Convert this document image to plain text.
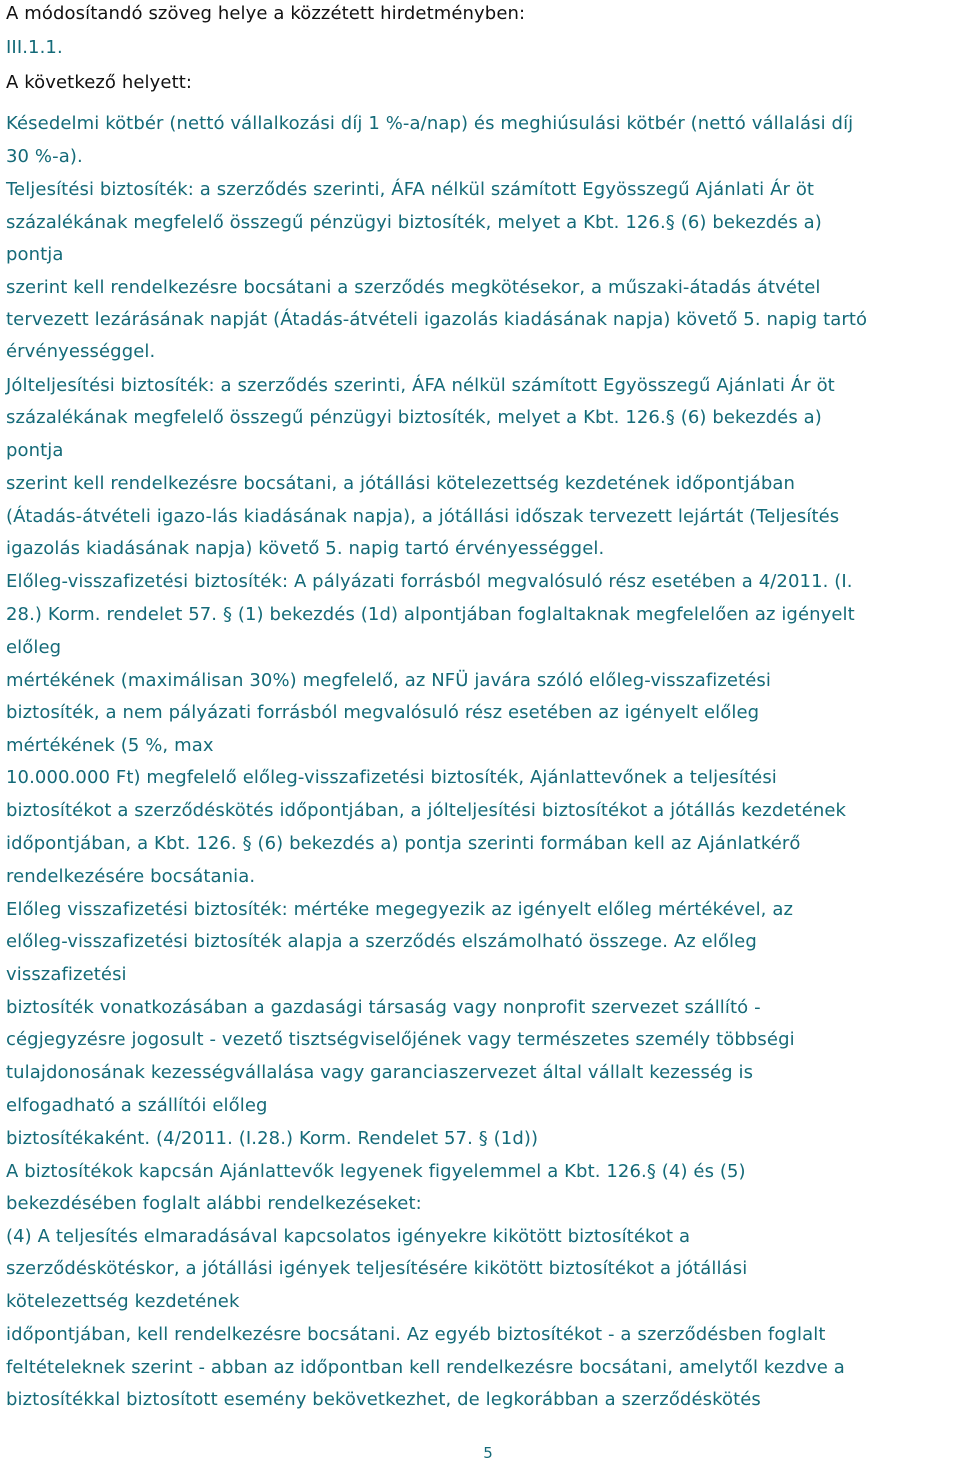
A módosítandó szöveg helye a közzétett hirdetményben:
III.1.1.
A következő helyett:
Késedelmi kötbér (nettó vállalkozási díj 1 %-a/nap) és meghiúsulási kötbér (nettó vállalási díj
30 %-a).
Teljesítési biztosíték: a szerződés szerinti, ÁFA nélkül számított Egyösszegű Ajánlati Ár öt
százalékának megfelelő összegű pénzügyi biztosíték, melyet a Kbt. 126.§ (6) bekezdés a)
pontja
szerint kell rendelkezésre bocsátani a szerződés megkötésekor, a műszaki-átadás átvétel
tervezett lezárásának napját (Átadás-átvételi igazolás kiadásának napja) követő 5. napig tartó
érvényességgel.
Jólteljesítési biztosíték: a szerződés szerinti, ÁFA nélkül számított Egyösszegű Ajánlati Ár öt
százalékának megfelelő összegű pénzügyi biztosíték, melyet a Kbt. 126.§ (6) bekezdés a)
pontja
szerint kell rendelkezésre bocsátani, a jótállási kötelezettség kezdetének időpontjában
(Átadás-átvételi igazo-lás kiadásának napja), a jótállási időszak tervezett lejártát (Teljesítés
igazolás kiadásának napja) követő 5. napig tartó érvényességgel.
Előleg-visszafizetési biztosíték: A pályázati forrásból megvalósuló rész esetében a 4/2011. (I.
28.) Korm. rendelet 57. § (1) bekezdés (1d) alpontjában foglaltaknak megfelelően az igényelt
előleg
mértékének (maximálisan 30%) megfelelő, az NFÜ javára szóló előleg-visszafizetési
biztosíték, a nem pályázati forrásból megvalósuló rész esetében az igényelt előleg
mértékének (5 %, max
10.000.000 Ft) megfelelő előleg-visszafizetési biztosíték, Ajánlattevőnek a teljesítési
biztosítékot a szerződéskötés időpontjában, a jólteljesítési biztosítékot a jótállás kezdetének
időpontjában, a Kbt. 126. § (6) bekezdés a) pontja szerinti formában kell az Ajánlatkérő
rendelkezésére bocsátania.
Előleg visszafizetési biztosíték: mértéke megegyezik az igényelt előleg mértékével, az
előleg-visszafizetési biztosíték alapja a szerződés elszámolható összege. Az előleg
visszafizetési
biztosíték vonatkozásában a gazdasági társaság vagy nonprofit szervezet szállító -
cégjegyzésre jogosult - vezető tisztségviselőjének vagy természetes személy többségi
tulajdonosának kezességvállalása vagy garanciaszervezet által vállalt kezesség is
elfogadható a szállítói előleg
biztosítékaként. (4/2011. (I.28.) Korm. Rendelet 57. § (1d))
A biztosítékok kapcsán Ajánlattevők legyenek figyelemmel a Kbt. 126.§ (4) és (5)
bekezdésében foglalt alábbi rendelkezéseket:
(4) A teljesítés elmaradásával kapcsolatos igényekre kikötött biztosítékot a
szerződéskötéskor, a jótállási igények teljesítésére kikötött biztosítékot a jótállási
kötelezettség kezdetének
időpontjában, kell rendelkezésre bocsátani. Az egyéb biztosítékot - a szerződésben foglalt
feltételeknek szerint - abban az időpontban kell rendelkezésre bocsátani, amelytől kezdve a
biztosítékkal biztosított esemény bekövetkezhet, de legkorábban a szerződéskötés
5
